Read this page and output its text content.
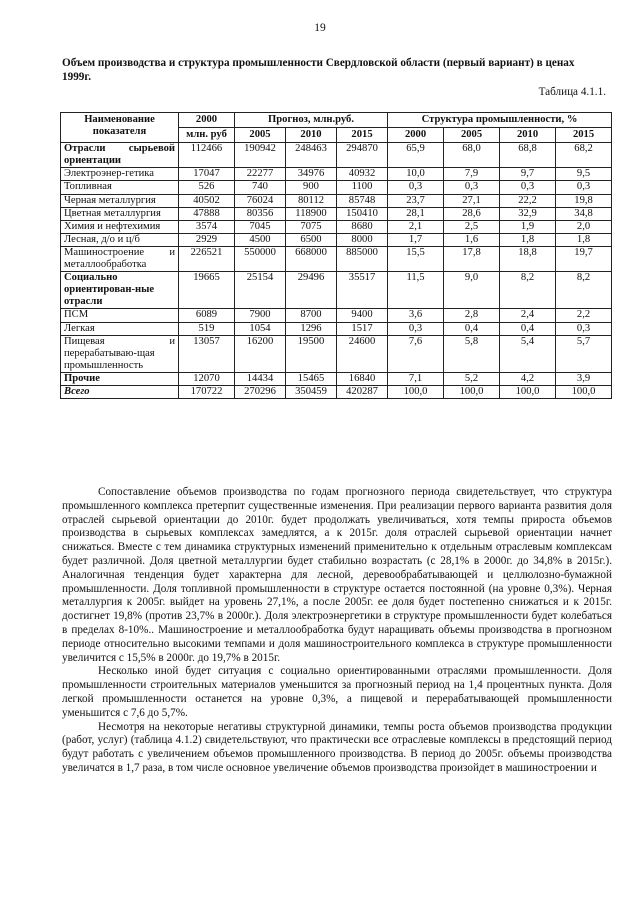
19
Объем производства и структура промышленности Свердловской области (первый вариант) в ценах 1999г.
Таблица 4.1.1.
Наименование показателя	2000	Прогноз, млн.руб.			Структура промышленности, %			
	млн. руб	2005	2010	2015	2000	2005	2010	2015
Отрасли сырьевой ориентации	112466	190942	248463	294870	65,9	68,0	68,8	68,2
Электроэнер-гетика	17047	22277	34976	40932	10,0	7,9	9,7	9,5
Топливная	526	740	900	1100	0,3	0,3	0,3	0,3
Черная металлургия	40502	76024	80112	85748	23,7	27,1	22,2	19,8
Цветная металлургия	47888	80356	118900	150410	28,1	28,6	32,9	34,8
Химия и нефтехимия	3574	7045	7075	8680	2,1	2,5	1,9	2,0
Лесная, д/о и ц/б	2929	4500	6500	8000	1,7	1,6	1,8	1,8
Машиностроение и металлообработка	226521	550000	668000	885000	15,5	17,8	18,8	19,7
Социально ориентирован-ные отрасли	19665	25154	29496	35517	11,5	9,0	8,2	8,2
ПСМ	6089	7900	8700	9400	3,6	2,8	2,4	2,2
Легкая	519	1054	1296	1517	0,3	0,4	0,4	0,3
Пищевая и перерабатываю-щая промышленность	13057	16200	19500	24600	7,6	5,8	5,4	5,7
Прочие	12070	14434	15465	16840	7,1	5,2	4,2	3,9
Всего	170722	270296	350459	420287	100,0	100,0	100,0	100,0

Сопоставление объемов производства по годам прогнозного периода свидетельствует, что структура промышленного комплекса претерпит существенные изменения. При реализации первого варианта развития доля отраслей сырьевой ориентации до 2010г. будет продолжать увеличиваться, хотя темпы прироста объемов производства в сырьевых комплексах замедлятся, а к 2015г. доля отраслей сырьевой ориентации начнет снижаться. Вместе с тем динамика структурных изменений применительно к отдельным отраслевым комплексам будет различной. Доля цветной металлургии будет стабильно возрастать (с 28,1% в 2000г. до 34,8% в 2015г.). Аналогичная тенденция будет характерна для лесной, деревообрабатывающей и целлюлозно-бумажной промышленности. Доля топливной промышленности в структуре остается постоянной (на уровне 0,3%). Черная металлургия к 2005г. выйдет на уровень 27,1%, а после 2005г. ее доля будет постепенно снижаться и к 2015г. достигнет 19,8% (против 23,7% в 2000г.). Доля электроэнергетики в структуре промышленности будет колебаться в пределах 8-10%.. Машиностроение и металлообработка будут наращивать объемы производства в прогнозном периоде относительно высокими темпами и доля машиностроительного комплекса в структуре промышленности увеличится с 15,5% в 2000г. до 19,7% в 2015г.

Несколько иной будет ситуация с социально ориентированными отраслями промышленности. Доля промышленности строительных материалов уменьшится за прогнозный период на 1,4 процентных пункта. Доля легкой промышленности останется на уровне 0,3%, а пищевой и перерабатывающей промышленности уменьшится с 7,6 до 5,7%.

Несмотря на некоторые негативы структурной динамики, темпы роста объемов производства продукции (работ, услуг) (таблица 4.1.2) свидетельствуют, что практически все отраслевые комплексы в предстоящий период будут работать с увеличением объемов промышленного производства. В период до 2005г. объемы производства увеличатся в 1,7 раза, в том числе основное увеличение объемов производства произойдет в машиностроении и
